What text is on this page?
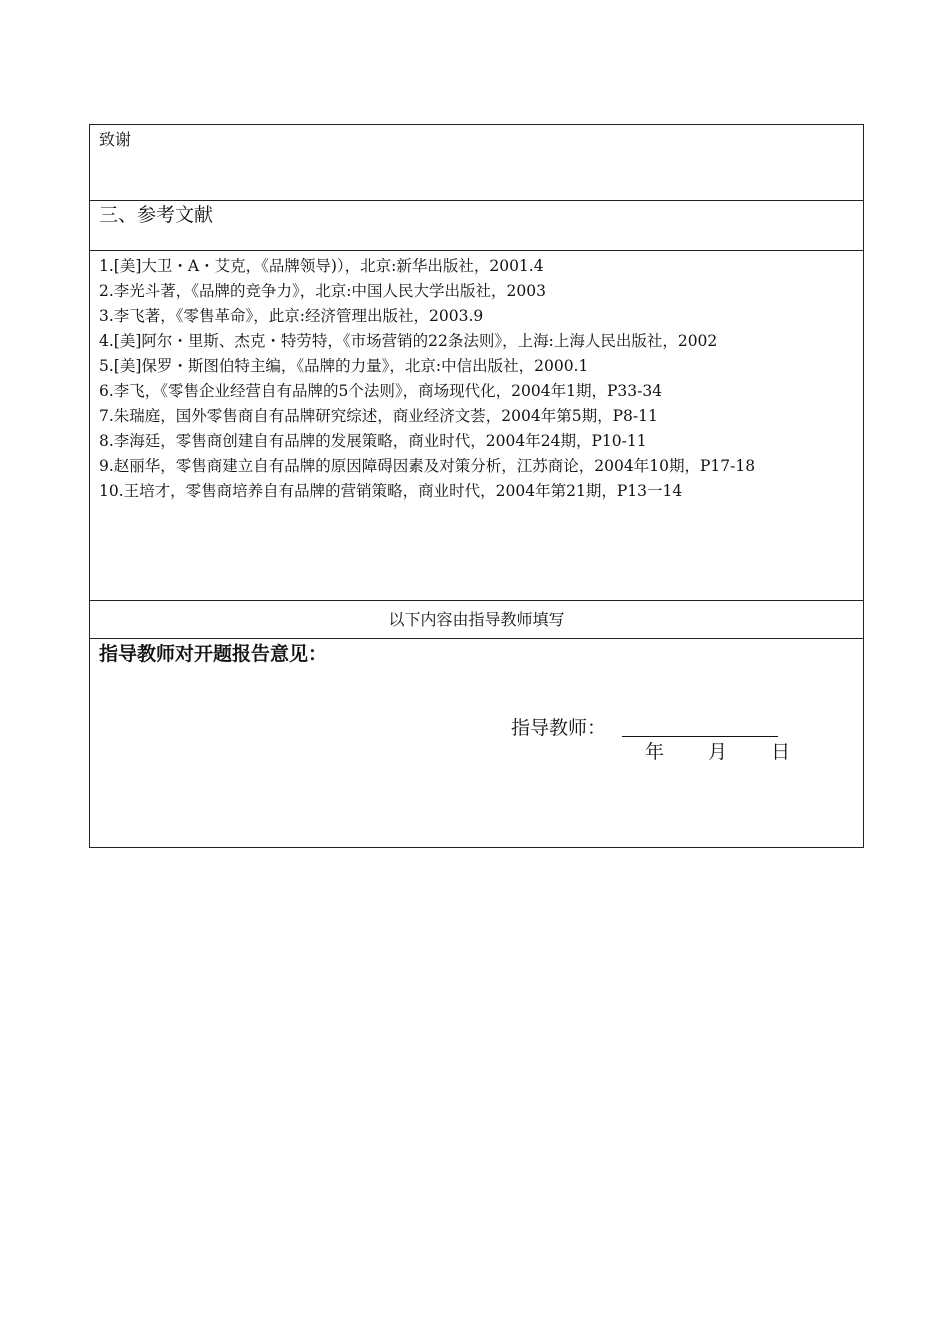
致谢
三、参考文献
1.[美]大卫・A・艾克，《品牌领导)），北京:新华出版社，2001.4
2.李光斗著，《品牌的竞争力》，北京:中国人民大学出版社，2003
3.李飞著，《零售革命》，此京:经济管理出版社，2003.9
4.[美]阿尔・里斯、杰克・特劳特，《市场营销的22条法则》，上海:上海人民出版社，2002
5.[美]保罗・斯图伯特主编，《品牌的力量》，北京:中信出版社，2000.1
6.李飞，《零售企业经营自有品牌的5个法则》，商场现代化，2004年1期，P33-34
7.朱瑞庭，国外零售商自有品牌研究综述，商业经济文荟，2004年第5期，P8-11
8.李海廷，零售商创建自有品牌的发展策略，商业时代，2004年24期，P10-11
9.赵丽华，零售商建立自有品牌的原因障碍因素及对策分析，江苏商论，2004年10期，P17-18
10.王培才，零售商培养自有品牌的营销策略，商业时代，2004年第21期，P13一14
以下内容由指导教师填写
指导教师对开题报告意见：
指导教师：
年 月 日
